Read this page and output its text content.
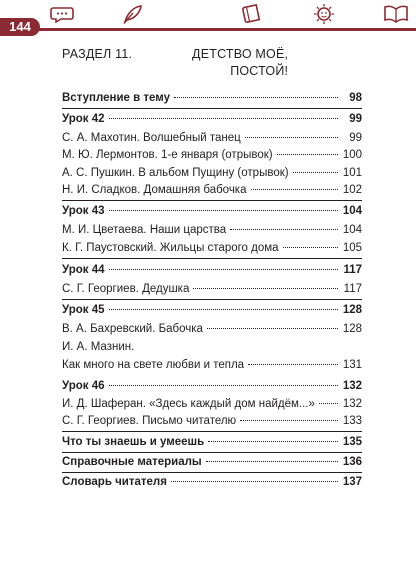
144
РАЗДЕЛ 11.	ДЕТСТВО МОЁ, ПОСТОЙ!
Вступление в тему	98
Урок 42	99
С. А. Махотин. Волшебный танец	99
М. Ю. Лермонтов. 1-е января (отрывок)	100
А. С. Пушкин. В альбом Пущину (отрывок)	101
Н. И. Сладков. Домашняя бабочка	102
Урок 43	104
М. И. Цветаева. Наши царства	104
К. Г. Паустовский. Жильцы старого дома	105
Урок 44	117
С. Г. Георгиев. Дедушка	117
Урок 45	128
В. А. Бахревский. Бабочка	128
И. А. Мазнин.
Как много на свете любви и тепла	131
Урок 46	132
И. Д. Шаферан. «Здесь каждый дом найдём...» 132
С. Г. Георгиев. Письмо читателю	133
Что ты знаешь и умеешь	135
Справочные материалы	136
Словарь читателя	137
